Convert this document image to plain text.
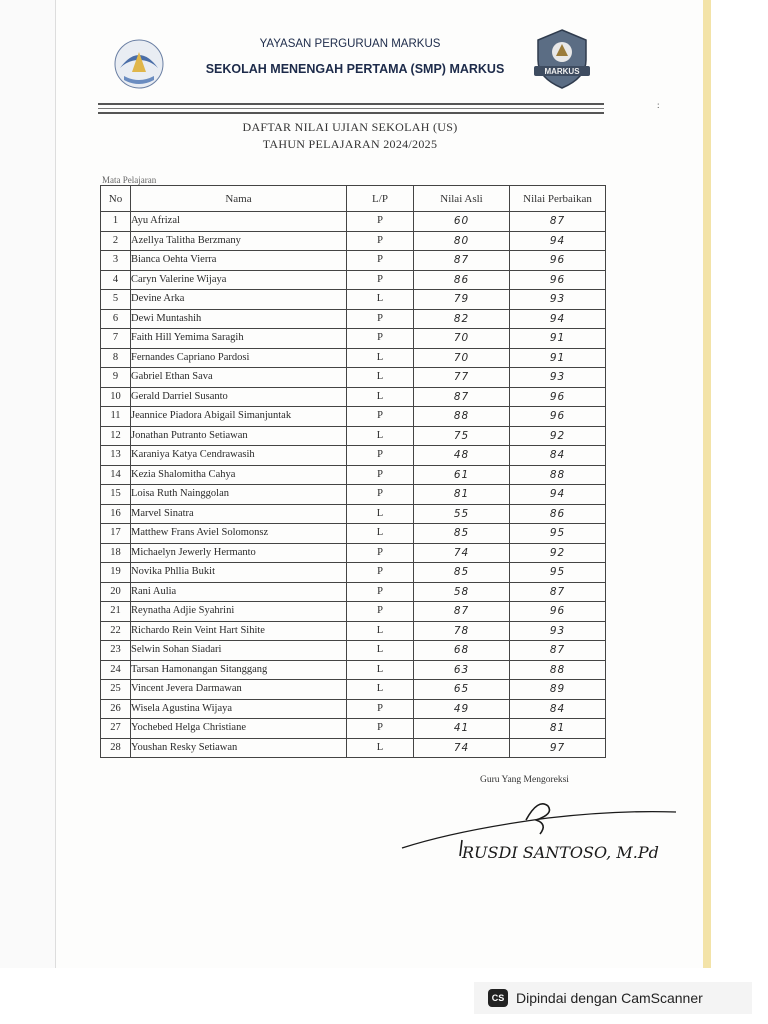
YAYASAN PERGURUAN MARKUS
SEKOLAH MENENGAH PERTAMA (SMP) MARKUS	MARKUS
:
DAFTAR NILAI UJIAN SEKOLAH (US)
TAHUN PELAJARAN 2024/2025
Mata Pelajaran
No	Nama	L/P	Nilai Asli	Nilai Perbaikan
1	Ayu Afrizal	P	60	87
2	Azellya Talitha Berzmany	P	80	94
3	Bianca Oehta Vierra	P	87	96
4	Caryn Valerine Wijaya	P	86	96
5	Devine Arka	L	79	93
6	Dewi Muntashih	P	82	94
7	Faith Hill Yemima Saragih	P	70	91
8	Fernandes Capriano Pardosi	L	70	91
9	Gabriel Ethan Sava	L	77	93
10	Gerald Darriel Susanto	L	87	96
11	Jeannice Piadora Abigail Simanjuntak	P	88	96
12	Jonathan Putranto Setiawan	L	75	92
13	Karaniya Katya Cendrawasih	P	48	84
14	Kezia Shalomitha Cahya	P	61	88
15	Loisa Ruth Nainggolan	P	81	94
16	Marvel Sinatra	L	55	86
17	Matthew Frans Aviel Solomonsz	L	85	95
18	Michaelyn Jewerly Hermanto	P	74	92
19	Novika Phllia Bukit	P	85	95
20	Rani Aulia	P	58	87
21	Reynatha Adjie Syahrini	P	87	96
22	Richardo Rein Veint Hart Sihite	L	78	93
23	Selwin Sohan Siadari	L	68	87
24	Tarsan Hamonangan Sitanggang	L	63	88
25	Vincent Jevera Darmawan	L	65	89
26	Wisela Agustina Wijaya	P	49	84
27	Yochebed Helga Christiane	P	41	81
28	Youshan Resky Setiawan	L	74	97
Guru Yang Mengoreksi
RUSDI SANTOSO, M.Pd
CS Dipindai dengan CamScanner
